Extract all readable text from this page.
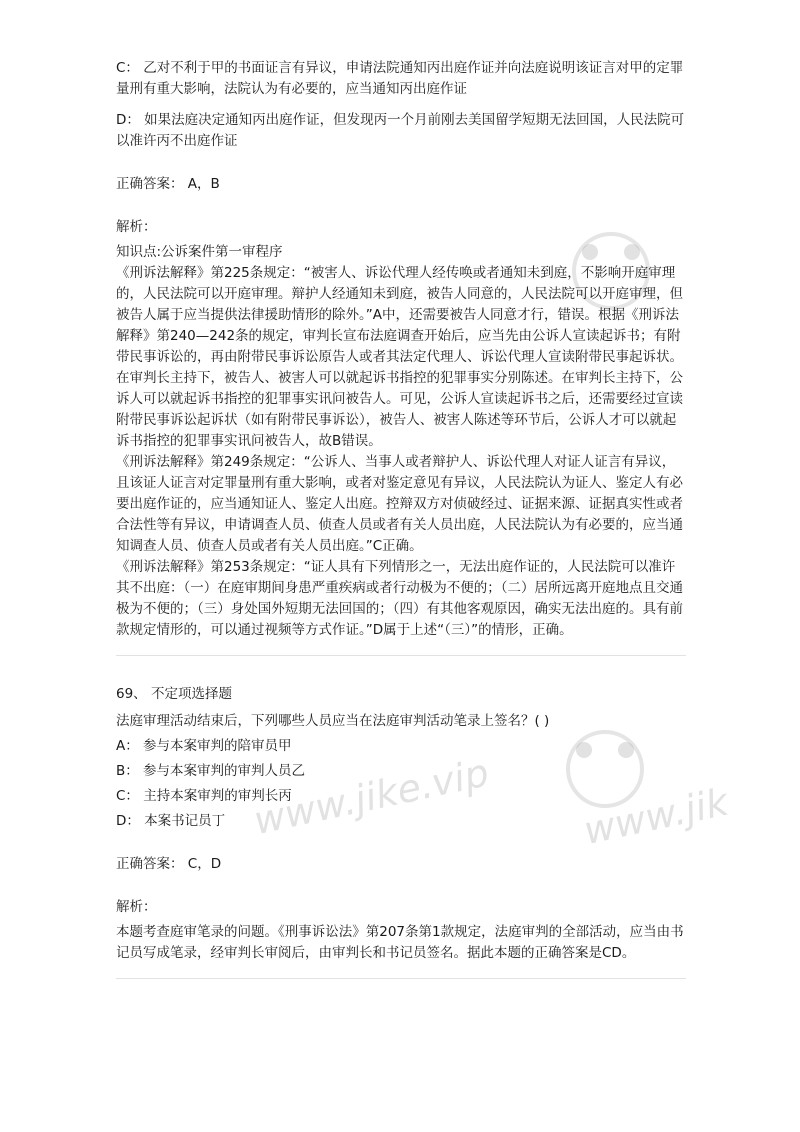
www.jike.vip www.jik

C： 乙对不利于甲的书面证言有异议，申请法院通知丙出庭作证并向法庭说明该证言对甲的定罪量刑有重大影响，法院认为有必要的，应当通知丙出庭作证

D： 如果法庭决定通知丙出庭作证，但发现丙一个月前刚去美国留学短期无法回国，人民法院可以准许丙不出庭作证

正确答案： A，B

解析：

知识点:公诉案件第一审程序

《刑诉法解释》第225条规定：“被害人、诉讼代理人经传唤或者通知未到庭，不影响开庭审理的，人民法院可以开庭审理。辩护人经通知未到庭，被告人同意的，人民法院可以开庭审理，但被告人属于应当提供法律援助情形的除外。”A中，还需要被告人同意才行，错误。根据《刑诉法解释》第240—242条的规定，审判长宣布法庭调查开始后，应当先由公诉人宣读起诉书；有附带民事诉讼的，再由附带民事诉讼原告人或者其法定代理人、诉讼代理人宣读附带民事起诉状。在审判长主持下，被告人、被害人可以就起诉书指控的犯罪事实分别陈述。在审判长主持下，公诉人可以就起诉书指控的犯罪事实讯问被告人。可见，公诉人宣读起诉书之后，还需要经过宣读附带民事诉讼起诉状（如有附带民事诉讼），被告人、被害人陈述等环节后，公诉人才可以就起诉书指控的犯罪事实讯问被告人，故B错误。

《刑诉法解释》第249条规定：“公诉人、当事人或者辩护人、诉讼代理人对证人证言有异议，且该证人证言对定罪量刑有重大影响，或者对鉴定意见有异议，人民法院认为证人、鉴定人有必要出庭作证的，应当通知证人、鉴定人出庭。控辩双方对侦破经过、证据来源、证据真实性或者合法性等有异议，申请调查人员、侦查人员或者有关人员出庭，人民法院认为有必要的，应当通知调查人员、侦查人员或者有关人员出庭。”C正确。

《刑诉法解释》第253条规定：“证人具有下列情形之一，无法出庭作证的，人民法院可以准许其不出庭：（一）在庭审期间身患严重疾病或者行动极为不便的；（二）居所远离开庭地点且交通极为不便的；（三）身处国外短期无法回国的；（四）有其他客观原因，确实无法出庭的。具有前款规定情形的，可以通过视频等方式作证。”D属于上述“（三）”的情形，正确。

69、 不定项选择题

法庭审理活动结束后，下列哪些人员应当在法庭审判活动笔录上签名？( )

A： 参与本案审判的陪审员甲

B： 参与本案审判的审判人员乙

C： 主持本案审判的审判长丙

D： 本案书记员丁

正确答案： C，D

解析：

本题考查庭审笔录的问题。《刑事诉讼法》第207条第1款规定，法庭审判的全部活动，应当由书记员写成笔录，经审判长审阅后，由审判长和书记员签名。据此本题的正确答案是CD。
